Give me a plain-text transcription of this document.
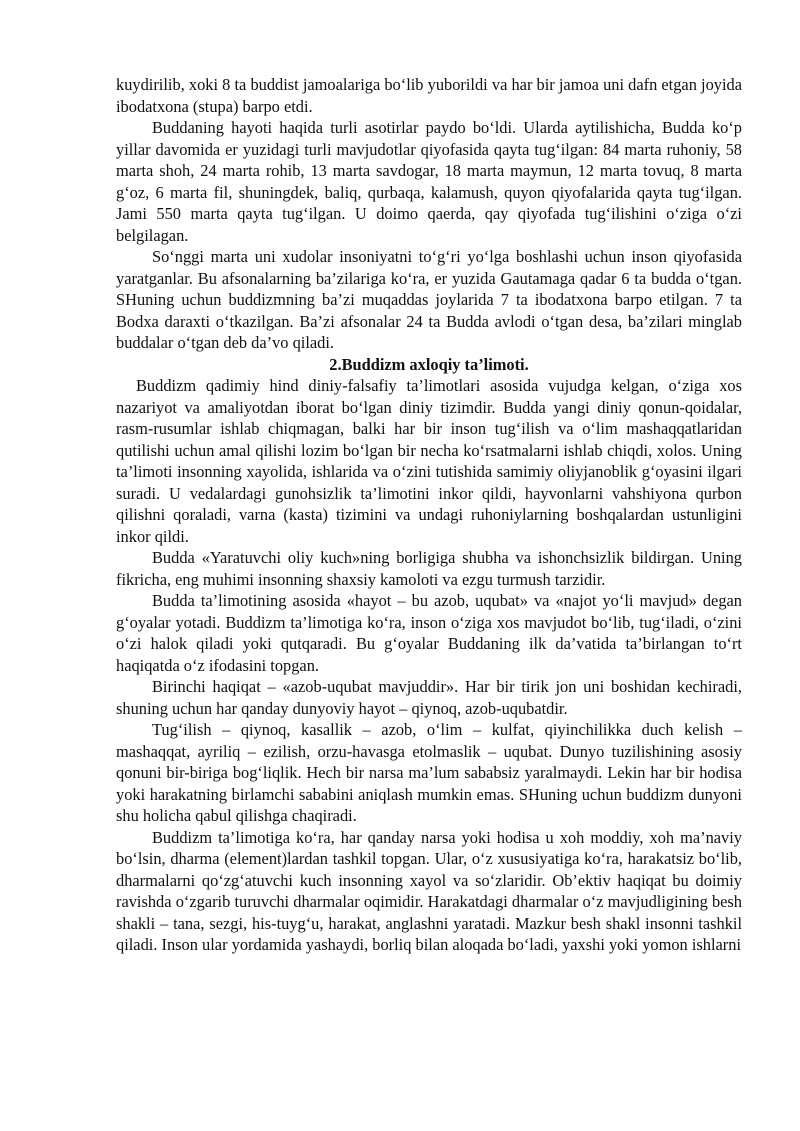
kuydirilib, xoki 8 ta buddist jamoalariga bo‘lib yuborildi va har bir jamoa uni dafn etgan joyida ibodatxona (stupa) barpo etdi.

Buddaning hayoti haqida turli asotirlar paydo bo‘ldi. Ularda aytilishicha, Budda ko‘p yillar davomida er yuzidagi turli mavjudotlar qiyofasida qayta tug‘ilgan: 84 marta ruhoniy, 58 marta shoh, 24 marta rohib, 13 marta savdogar, 18 marta maymun, 12 marta tovuq, 8 marta g‘oz, 6 marta fil, shuningdek, baliq, qurbaqa, kalamush, quyon qiyofalarida qayta tug‘ilgan. Jami 550 marta qayta tug‘ilgan. U doimo qaerda, qay qiyofada tug‘ilishini o‘ziga o‘zi belgilagan.

So‘nggi marta uni xudolar insoniyatni to‘g‘ri yo‘lga boshlashi uchun inson qiyofasida yaratganlar. Bu afsonalarning ba’zilariga ko‘ra, er yuzida Gautamaga qadar 6 ta budda o‘tgan. SHuning uchun buddizmning ba’zi muqaddas joylarida 7 ta ibodatxona barpo etilgan. 7 ta Bodxa daraxti o‘tkazilgan. Ba’zi afsonalar 24 ta Budda avlodi o‘tgan desa, ba’zilari minglab buddalar o‘tgan deb da’vo qiladi.

2.Buddizm axloqiy ta’limoti.

Buddizm qadimiy hind diniy-falsafiy ta’limotlari asosida vujudga kelgan, o‘ziga xos nazariyot va amaliyotdan iborat bo‘lgan diniy tizimdir. Budda yangi diniy qonun-qoidalar, rasm-rusumlar ishlab chiqmagan, balki har bir inson tug‘ilish va o‘lim mashaqqatlaridan qutilishi uchun amal qilishi lozim bo‘lgan bir necha ko‘rsatmalarni ishlab chiqdi, xolos. Uning ta’limoti insonning xayolida, ishlarida va o‘zini tutishida samimiy oliyjanoblik g‘oyasini ilgari suradi. U vedalardagi gunohsizlik ta’limotini inkor qildi, hayvonlarni vahshiyona qurbon qilishni qoraladi, varna (kasta) tizimini va undagi ruhoniylarning boshqalardan ustunligini inkor qildi.

Budda «Yaratuvchi oliy kuch»ning borligiga shubha va ishonchsizlik bildirgan. Uning fikricha, eng muhimi insonning shaxsiy kamoloti va ezgu turmush tarzidir.

Budda ta’limotining asosida «hayot – bu azob, uqubat» va «najot yo‘li mavjud» degan g‘oyalar yotadi. Buddizm ta’limotiga ko‘ra, inson o‘ziga xos mavjudot bo‘lib, tug‘iladi, o‘zini o‘zi halok qiladi yoki qutqaradi. Bu g‘oyalar Buddaning ilk da’vatida ta’birlangan to‘rt haqiqatda o‘z ifodasini topgan.

Birinchi haqiqat – «azob-uqubat mavjuddir». Har bir tirik jon uni boshidan kechiradi, shuning uchun har qanday dunyoviy hayot – qiynoq, azob-uqubatdir.

Tug‘ilish – qiynoq, kasallik – azob, o‘lim – kulfat, qiyinchilikka duch kelish – mashaqqat, ayriliq – ezilish, orzu-havasga etolmaslik – uqubat. Dunyo tuzilishining asosiy qonuni bir-biriga bog‘liqlik. Hech bir narsa ma’lum sababsiz yaralmaydi. Lekin har bir hodisa yoki harakatning birlamchi sababini aniqlash mumkin emas. SHuning uchun buddizm dunyoni shu holicha qabul qilishga chaqiradi.

Buddizm ta’limotiga ko‘ra, har qanday narsa yoki hodisa u xoh moddiy, xoh ma’naviy bo‘lsin, dharma (element)lardan tashkil topgan. Ular, o‘z xususiyatiga ko‘ra, harakatsiz bo‘lib, dharmalarni qo‘zg‘atuvchi kuch insonning xayol va so‘zlaridir. Ob’ektiv haqiqat bu doimiy ravishda o‘zgarib turuvchi dharmalar oqimidir. Harakatdagi dharmalar o‘z mavjudligining besh shakli – tana, sezgi, his-tuyg‘u, harakat, anglashni yaratadi. Mazkur besh shakl insonni tashkil qiladi. Inson ular yordamida yashaydi, borliq bilan aloqada bo‘ladi, yaxshi yoki yomon ishlarni
